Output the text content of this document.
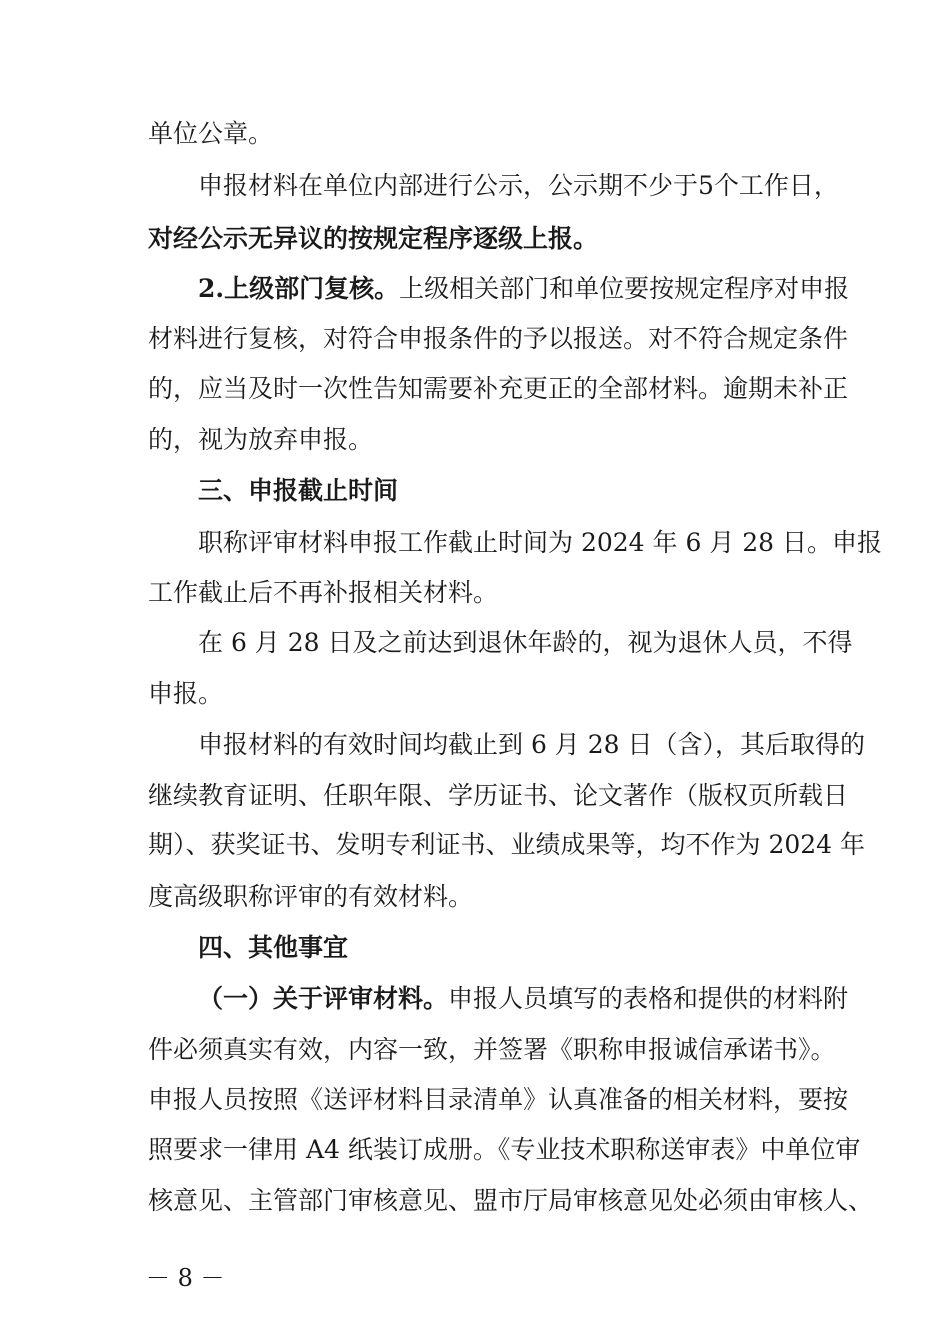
单位公章。
申报材料在单位内部进行公示，公示期不少于5个工作日，
对经公示无异议的按规定程序逐级上报。
2.上级部门复核。上级相关部门和单位要按规定程序对申报
材料进行复核，对符合申报条件的予以报送。对不符合规定条件
的，应当及时一次性告知需要补充更正的全部材料。逾期未补正
的，视为放弃申报。
三、申报截止时间
职称评审材料申报工作截止时间为 2024 年 6 月 28 日。申报
工作截止后不再补报相关材料。
在 6 月 28 日及之前达到退休年龄的，视为退休人员，不得
申报。
申报材料的有效时间均截止到 6 月 28 日（含），其后取得的
继续教育证明、任职年限、学历证书、论文著作（版权页所载日
期）、获奖证书、发明专利证书、业绩成果等，均不作为 2024 年
度高级职称评审的有效材料。
四、其他事宜
（一）关于评审材料。申报人员填写的表格和提供的材料附
件必须真实有效，内容一致，并签署《职称申报诚信承诺书》。
申报人员按照《送评材料目录清单》认真准备的相关材料，要按
照要求一律用 A4 纸装订成册。《专业技术职称送审表》中单位审
核意见、主管部门审核意见、盟市厅局审核意见处必须由审核人、
－ 8 －
